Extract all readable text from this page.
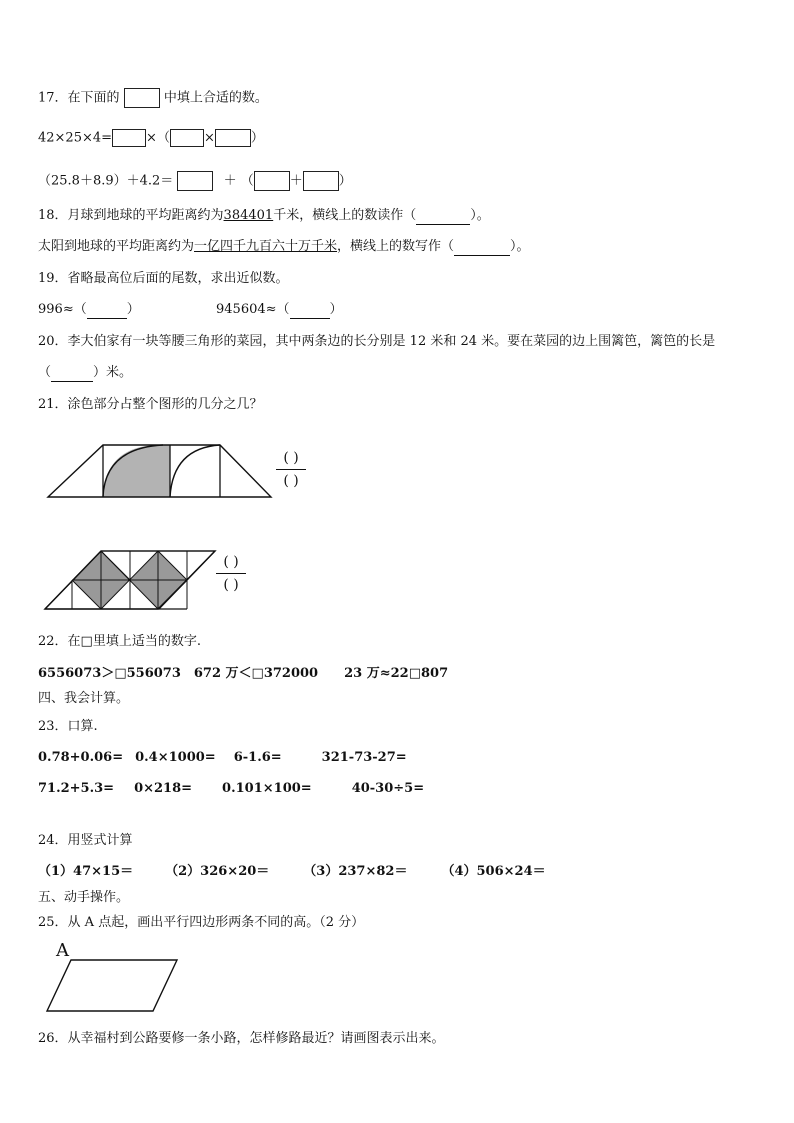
17．在下面的	中填上合适的数。
42×25×4=	×（	×	）
（25.8＋8.9）＋4.2＝	＋ （	＋	）
18．月球到地球的平均距离约为384401千米，横线上的数读作（	）。
太阳到地球的平均距离约为一亿四千九百六十万千米，横线上的数写作（	）。
19．省略最高位后面的尾数，求出近似数。
996≈（	）	945604≈（	）
20．李大伯家有一块等腰三角形的菜园，其中两条边的长分别是 12 米和 24 米。要在菜园的边上围篱笆，篱笆的长是
（	）米。
21．涂色部分占整个图形的几分之几？
( )
( )
( )
( )
22．在□里填上适当的数字.
6556073＞□556073　672 万＜□372000　　23 万≈22□807
四、我会计算。
23．口算.
0.78+0.06= 0.4×1000= 6-1.6=	321-73-27=
71.2+5.3= 0×218= 0.101×100=	40-30÷5=
24．用竖式计算
（1）47×15＝ （2）326×20＝	（3）237×82＝	（4）506×24＝
五、动手操作。
25．从 A 点起，画出平行四边形两条不同的高。（2 分）
A
26．从幸福村到公路要修一条小路，怎样修路最近？请画图表示出来。
